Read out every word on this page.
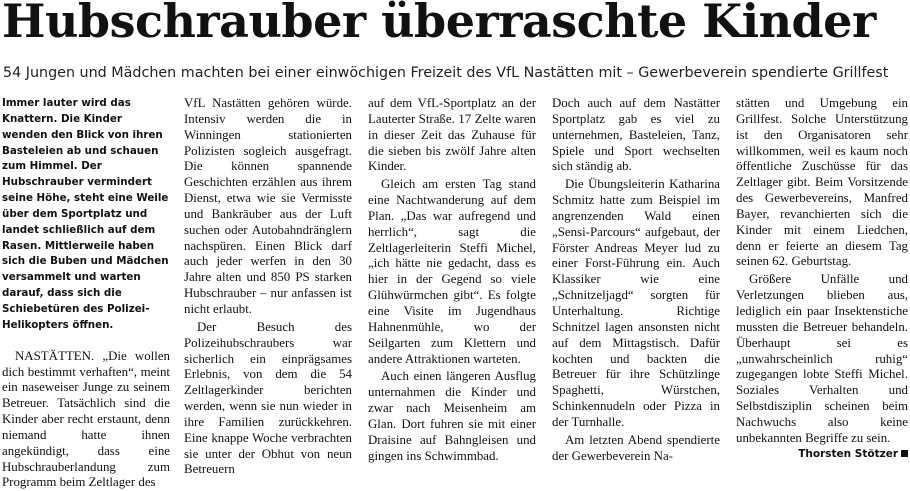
Hubschrauber überraschte Kinder
54 Jungen und Mädchen machten bei einer einwöchigen Freizeit des VfL Nastätten mit – Gewerbeverein spendierte Grillfest

Immer lauter wird das Knattern. Die Kinder wenden den Blick von ihren Basteleien ab und schauen zum Himmel. Der Hubschrauber vermindert seine Höhe, steht eine Weile über dem Sportplatz und landet schließlich auf dem Rasen. Mittlerweile haben sich die Buben und Mädchen versammelt und warten darauf, dass sich die Schiebetüren des Polizei-Helikopters öffnen.

NASTÄTTEN. „Die wollen dich bestimmt verhaften“, meint ein naseweiser Junge zu seinem Betreuer. Tatsächlich sind die Kinder aber recht erstaunt, denn niemand hatte ihnen angekündigt, dass eine Hubschrauberlandung zum Programm beim Zeltlager des

VfL Nastätten gehören würde. Intensiv werden die in Winningen stationierten Polizisten sogleich ausgefragt. Die können spannende Geschichten erzählen aus ihrem Dienst, etwa wie sie Vermisste und Bankräuber aus der Luft suchen oder Autobahndränglern nachspüren. Einen Blick darf auch jeder werfen in den 30 Jahre alten und 850 PS starken Hubschrauber – nur anfassen ist nicht erlaubt.

Der Besuch des Polizeihubschraubers war sicherlich ein einprägsames Erlebnis, von dem die 54 Zeltlagerkinder berichten werden, wenn sie nun wieder in ihre Familien zurückkehren. Eine knappe Woche verbrachten sie unter der Obhut von neun Betreuern

auf dem VfL-Sportplatz an der Lauterter Straße. 17 Zelte waren in dieser Zeit das Zuhause für die sieben bis zwölf Jahre alten Kinder.

Gleich am ersten Tag stand eine Nachtwanderung auf dem Plan. „Das war aufregend und herrlich“, sagt die Zeltlagerleiterin Steffi Michel, „ich hätte nie gedacht, dass es hier in der Gegend so viele Glühwürmchen gibt“. Es folgte eine Visite im Jugendhaus Hahnenmühle, wo der Seilgarten zum Klettern und andere Attraktionen warteten.

Auch einen längeren Ausflug unternahmen die Kinder und zwar nach Meisenheim am Glan. Dort fuhren sie mit einer Draisine auf Bahngleisen und gingen ins Schwimmbad.

Doch auch auf dem Nastätter Sportplatz gab es viel zu unternehmen, Basteleien, Tanz, Spiele und Sport wechselten sich ständig ab.

Die Übungsleiterin Katharina Schmitz hatte zum Beispiel im angrenzenden Wald einen „Sensi-Parcours“ aufgebaut, der Förster Andreas Meyer lud zu einer Forst-Führung ein. Auch Klassiker wie eine „Schnitzeljagd“ sorgten für Unterhaltung. Richtige Schnitzel lagen ansonsten nicht auf dem Mittagstisch. Dafür kochten und backten die Betreuer für ihre Schützlinge Spaghetti, Würstchen, Schinkennudeln oder Pizza in der Turnhalle.

Am letzten Abend spendierte der Gewerbeverein Na-

stätten und Umgebung ein Grillfest. Solche Unterstützung ist den Organisatoren sehr willkommen, weil es kaum noch öffentliche Zuschüsse für das Zeltlager gibt. Beim Vorsitzende des Gewerbevereins, Manfred Bayer, revanchierten sich die Kinder mit einem Liedchen, denn er feierte an diesem Tag seinen 62. Geburtstag.

Größere Unfälle und Verletzungen blieben aus, lediglich ein paar Insektenstiche mussten die Betreuer behandeln. Überhaupt sei es „unwahrscheinlich ruhig“ zugegangen lobte Steffi Michel. Soziales Verhalten und Selbstdisziplin scheinen beim Nachwuchs also keine unbekannten Begriffe zu sein.
Thorsten Stötzer
